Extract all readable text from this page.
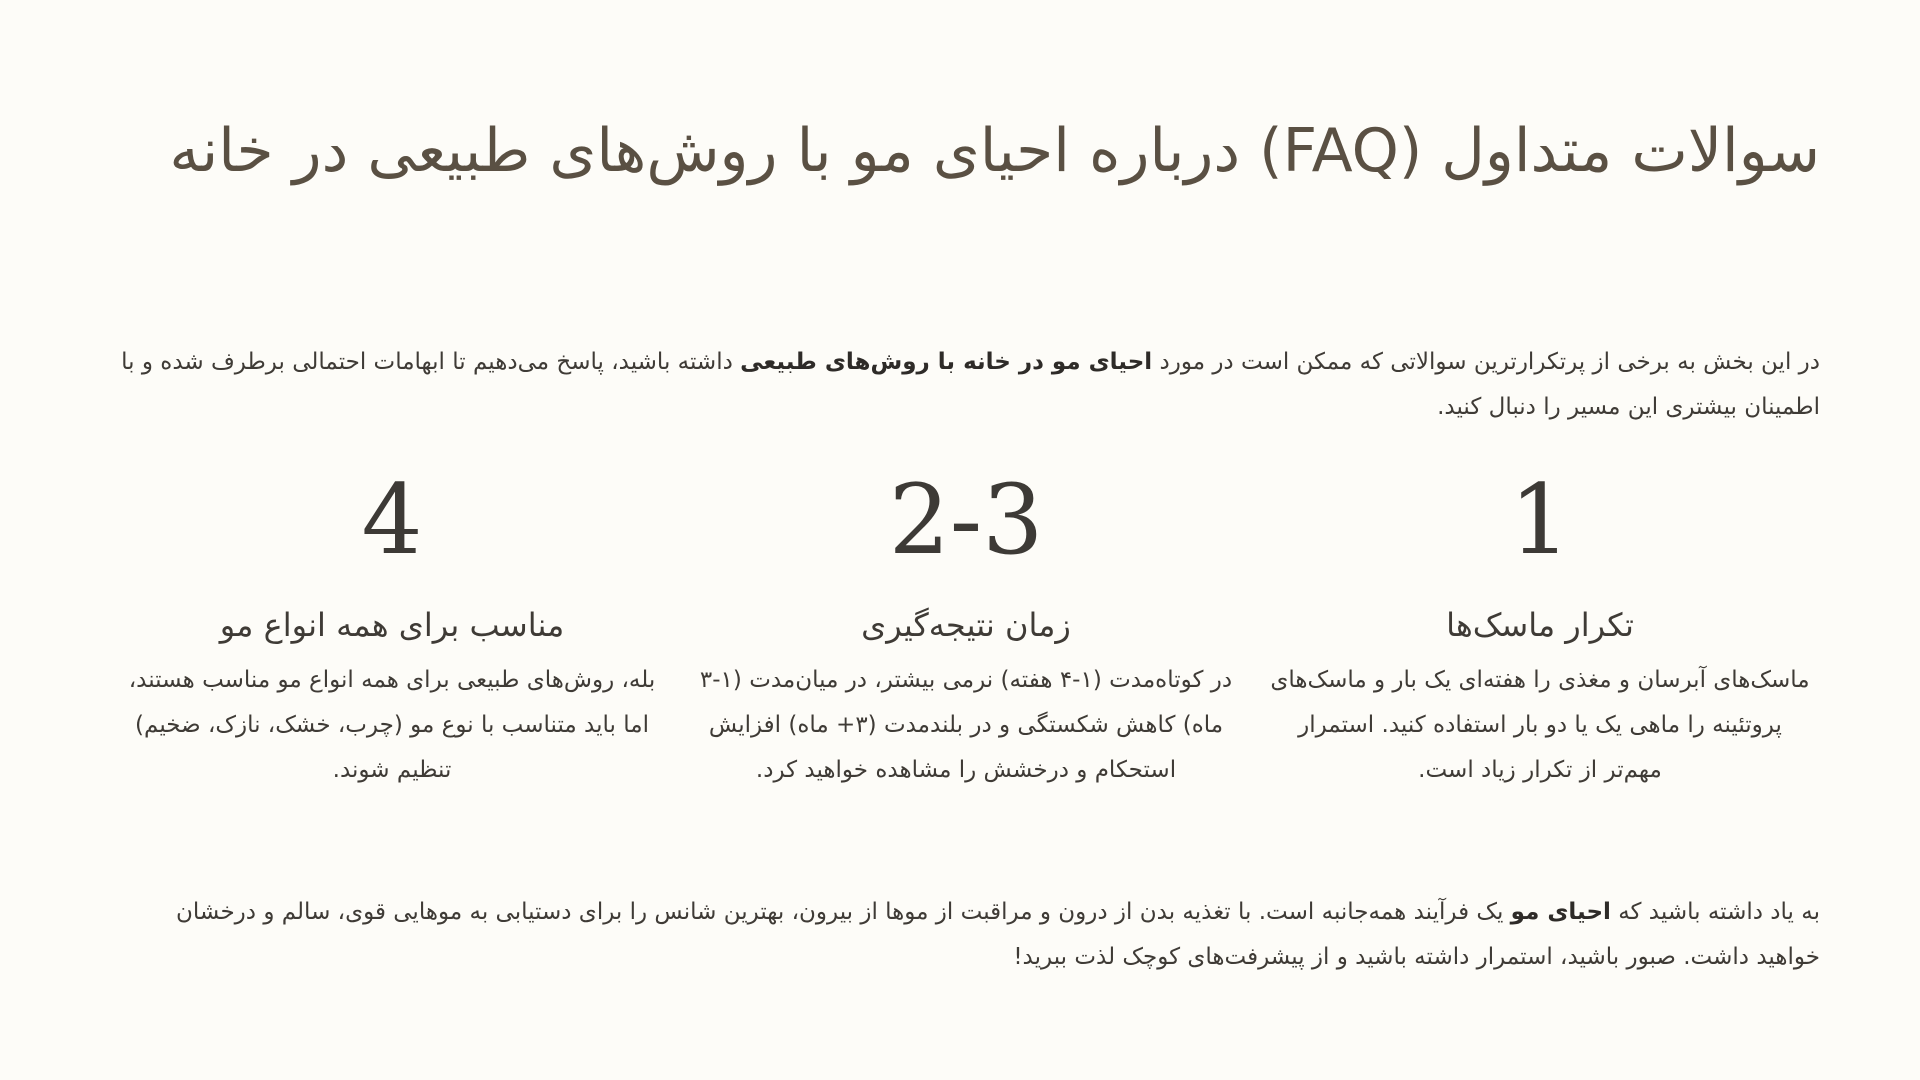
سوالات متداول (FAQ) درباره احیای مو با روش‌های طبیعی در خانه

در این بخش به برخی از پرتکرارترین سوالاتی که ممکن است در مورد احیای مو در خانه با روش‌های طبیعی داشته باشید، پاسخ می‌دهیم تا ابهامات احتمالی برطرف شده و با اطمینان بیشتری این مسیر را دنبال کنید.

1
تکرار ماسک‌ها
ماسک‌های آبرسان و مغذی را هفته‌ای یک بار و ماسک‌های پروتئینه را ماهی یک یا دو بار استفاده کنید. استمرار مهم‌تر از تکرار زیاد است.
2-3
زمان نتیجه‌گیری
در کوتاه‌مدت (۱-۴ هفته) نرمی بیشتر، در میان‌مدت (۱-۳ ماه) کاهش شکستگی و در بلندمدت (۳+ ماه) افزایش استحکام و درخشش را مشاهده خواهید کرد.
4
مناسب برای همه انواع مو
بله، روش‌های طبیعی برای همه انواع مو مناسب هستند، اما باید متناسب با نوع مو (چرب، خشک، نازک، ضخیم) تنظیم شوند.

به یاد داشته باشید که احیای مو یک فرآیند همه‌جانبه است. با تغذیه بدن از درون و مراقبت از موها از بیرون، بهترین شانس را برای دستیابی به موهایی قوی، سالم و درخشان خواهید داشت. صبور باشید، استمرار داشته باشید و از پیشرفت‌های کوچک لذت ببرید!
